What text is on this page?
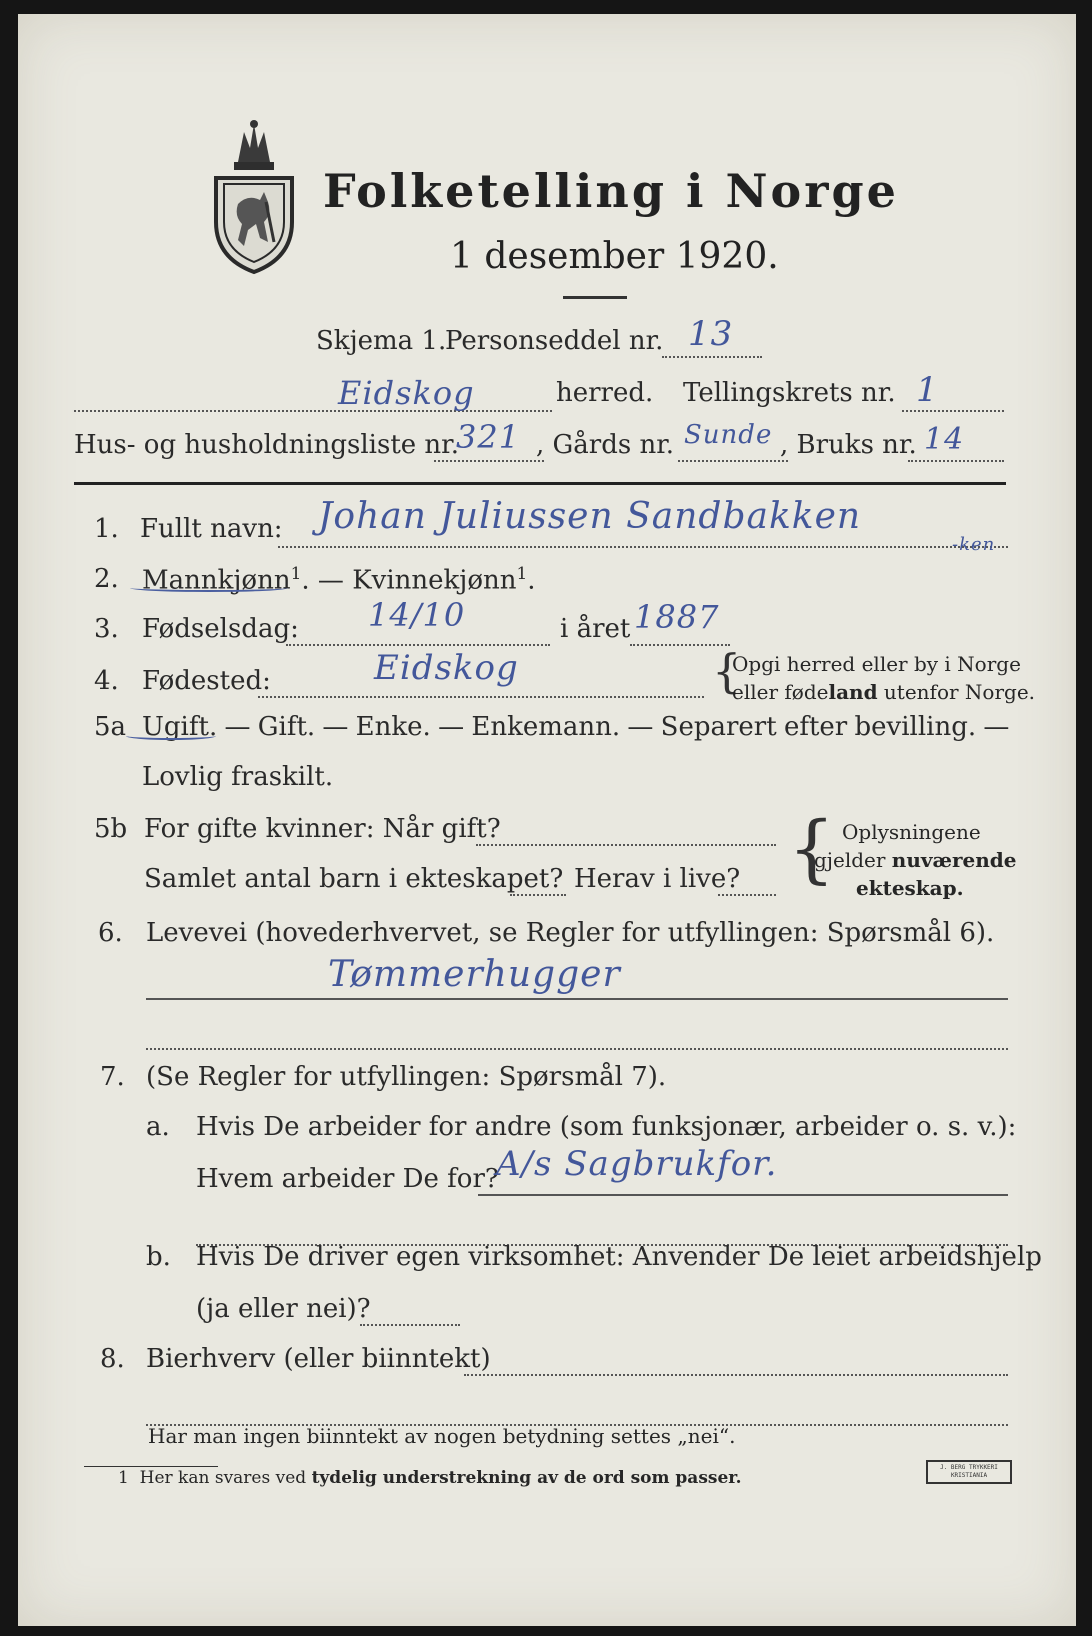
Folketelling i Norge
1 desember 1920.
Skjema 1.
Personseddel nr. 13
Eidskog	herred. Tellingskrets nr. 1
Hus- og husholdningsliste nr.
321 , Gårds nr. Sunde , Bruks nr. 14
1. Fullt navn: Johan Juliussen Sandbakken
-ken
2. Mannkjønn$^1$. — Kvinnekjønn$^1$.
3. Fødselsdag: 14/10	i året 1887
4. Fødested:	Eidskog	{
Opgi herred eller by i Norge
eller fødeland utenfor Norge.
5a Ugift. — Gift. — Enke. — Enkemann. — Separert efter bevilling. —
Lovlig fraskilt.
5b For gifte kvinner: Når gift?
Samlet antal barn i ekteskapet? Herav i live? { Oplysningene
gjelder nuværende
ekteskap.
6. Levevei (hovederhvervet, se Regler for utfyllingen: Spørsmål 6).
Tømmerhugger
7. (Se Regler for utfyllingen: Spørsmål 7).
a. Hvis De arbeider for andre (som funksjonær, arbeider o. s. v.):
Hvem arbeider De for?
A/s Sagbrukfor.
b. Hvis De driver egen virksomhet: Anvender De leiet arbeidshjelp
(ja eller nei)?
8. Bierhverv (eller biinntekt)
Har man ingen biinntekt av nogen betydning settes „nei“.
1 Her kan svares ved tydelig understrekning av de ord som passer.
J. BERG TRYKKERI KRISTIANIA
